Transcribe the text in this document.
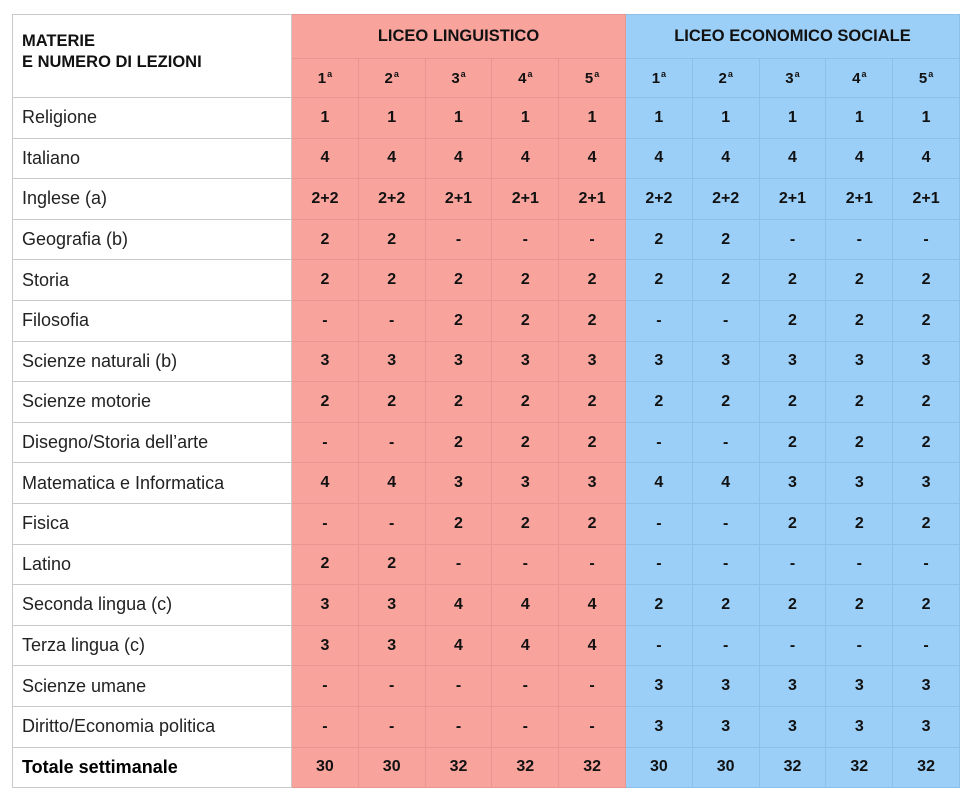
MATERIE
E NUMERO DI LEZIONI	LICEO LINGUISTICO					LICEO ECONOMICO SOCIALE				
	1$^a$	2$^a$	3$^a$	4$^a$	5$^a$	1$^a$	2$^a$	3$^a$	4$^a$	5$^a$
Religione	1	1	1	1	1	1	1	1	1	1
Italiano	4	4	4	4	4	4	4	4	4	4
Inglese (a)	2+2	2+2	2+1	2+1	2+1	2+2	2+2	2+1	2+1	2+1
Geografia (b)	2	2	-	-	-	2	2	-	-	-
Storia	2	2	2	2	2	2	2	2	2	2
Filosofia	-	-	2	2	2	-	-	2	2	2
Scienze naturali (b)	3	3	3	3	3	3	3	3	3	3
Scienze motorie	2	2	2	2	2	2	2	2	2	2
Disegno/Storia dell’arte	-	-	2	2	2	-	-	2	2	2
Matematica e Informatica	4	4	3	3	3	4	4	3	3	3
Fisica	-	-	2	2	2	-	-	2	2	2
Latino	2	2	-	-	-	-	-	-	-	-
Seconda lingua (c)	3	3	4	4	4	2	2	2	2	2
Terza lingua (c)	3	3	4	4	4	-	-	-	-	-
Scienze umane	-	-	-	-	-	3	3	3	3	3
Diritto/Economia politica	-	-	-	-	-	3	3	3	3	3
Totale settimanale	30	30	32	32	32	30	30	32	32	32
